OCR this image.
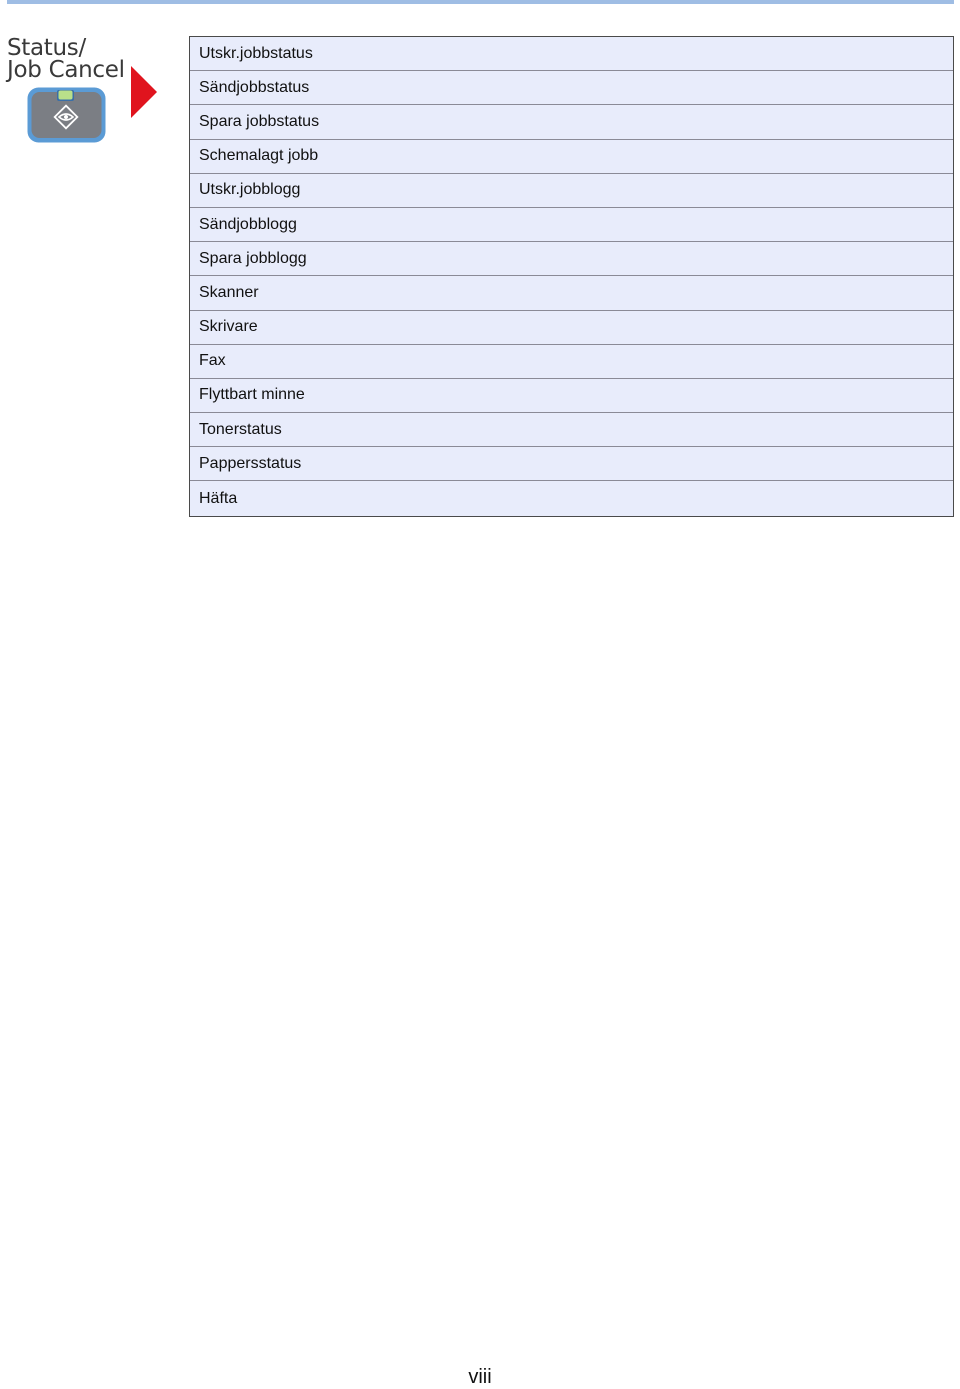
Status/
Job Cancel
Utskr.jobbstatus
Sändjobbstatus
Spara jobbstatus
Schemalagt jobb
Utskr.jobblogg
Sändjobblogg
Spara jobblogg
Skanner
Skrivare
Fax
Flyttbart minne
Tonerstatus
Pappersstatus
Häfta
viii
